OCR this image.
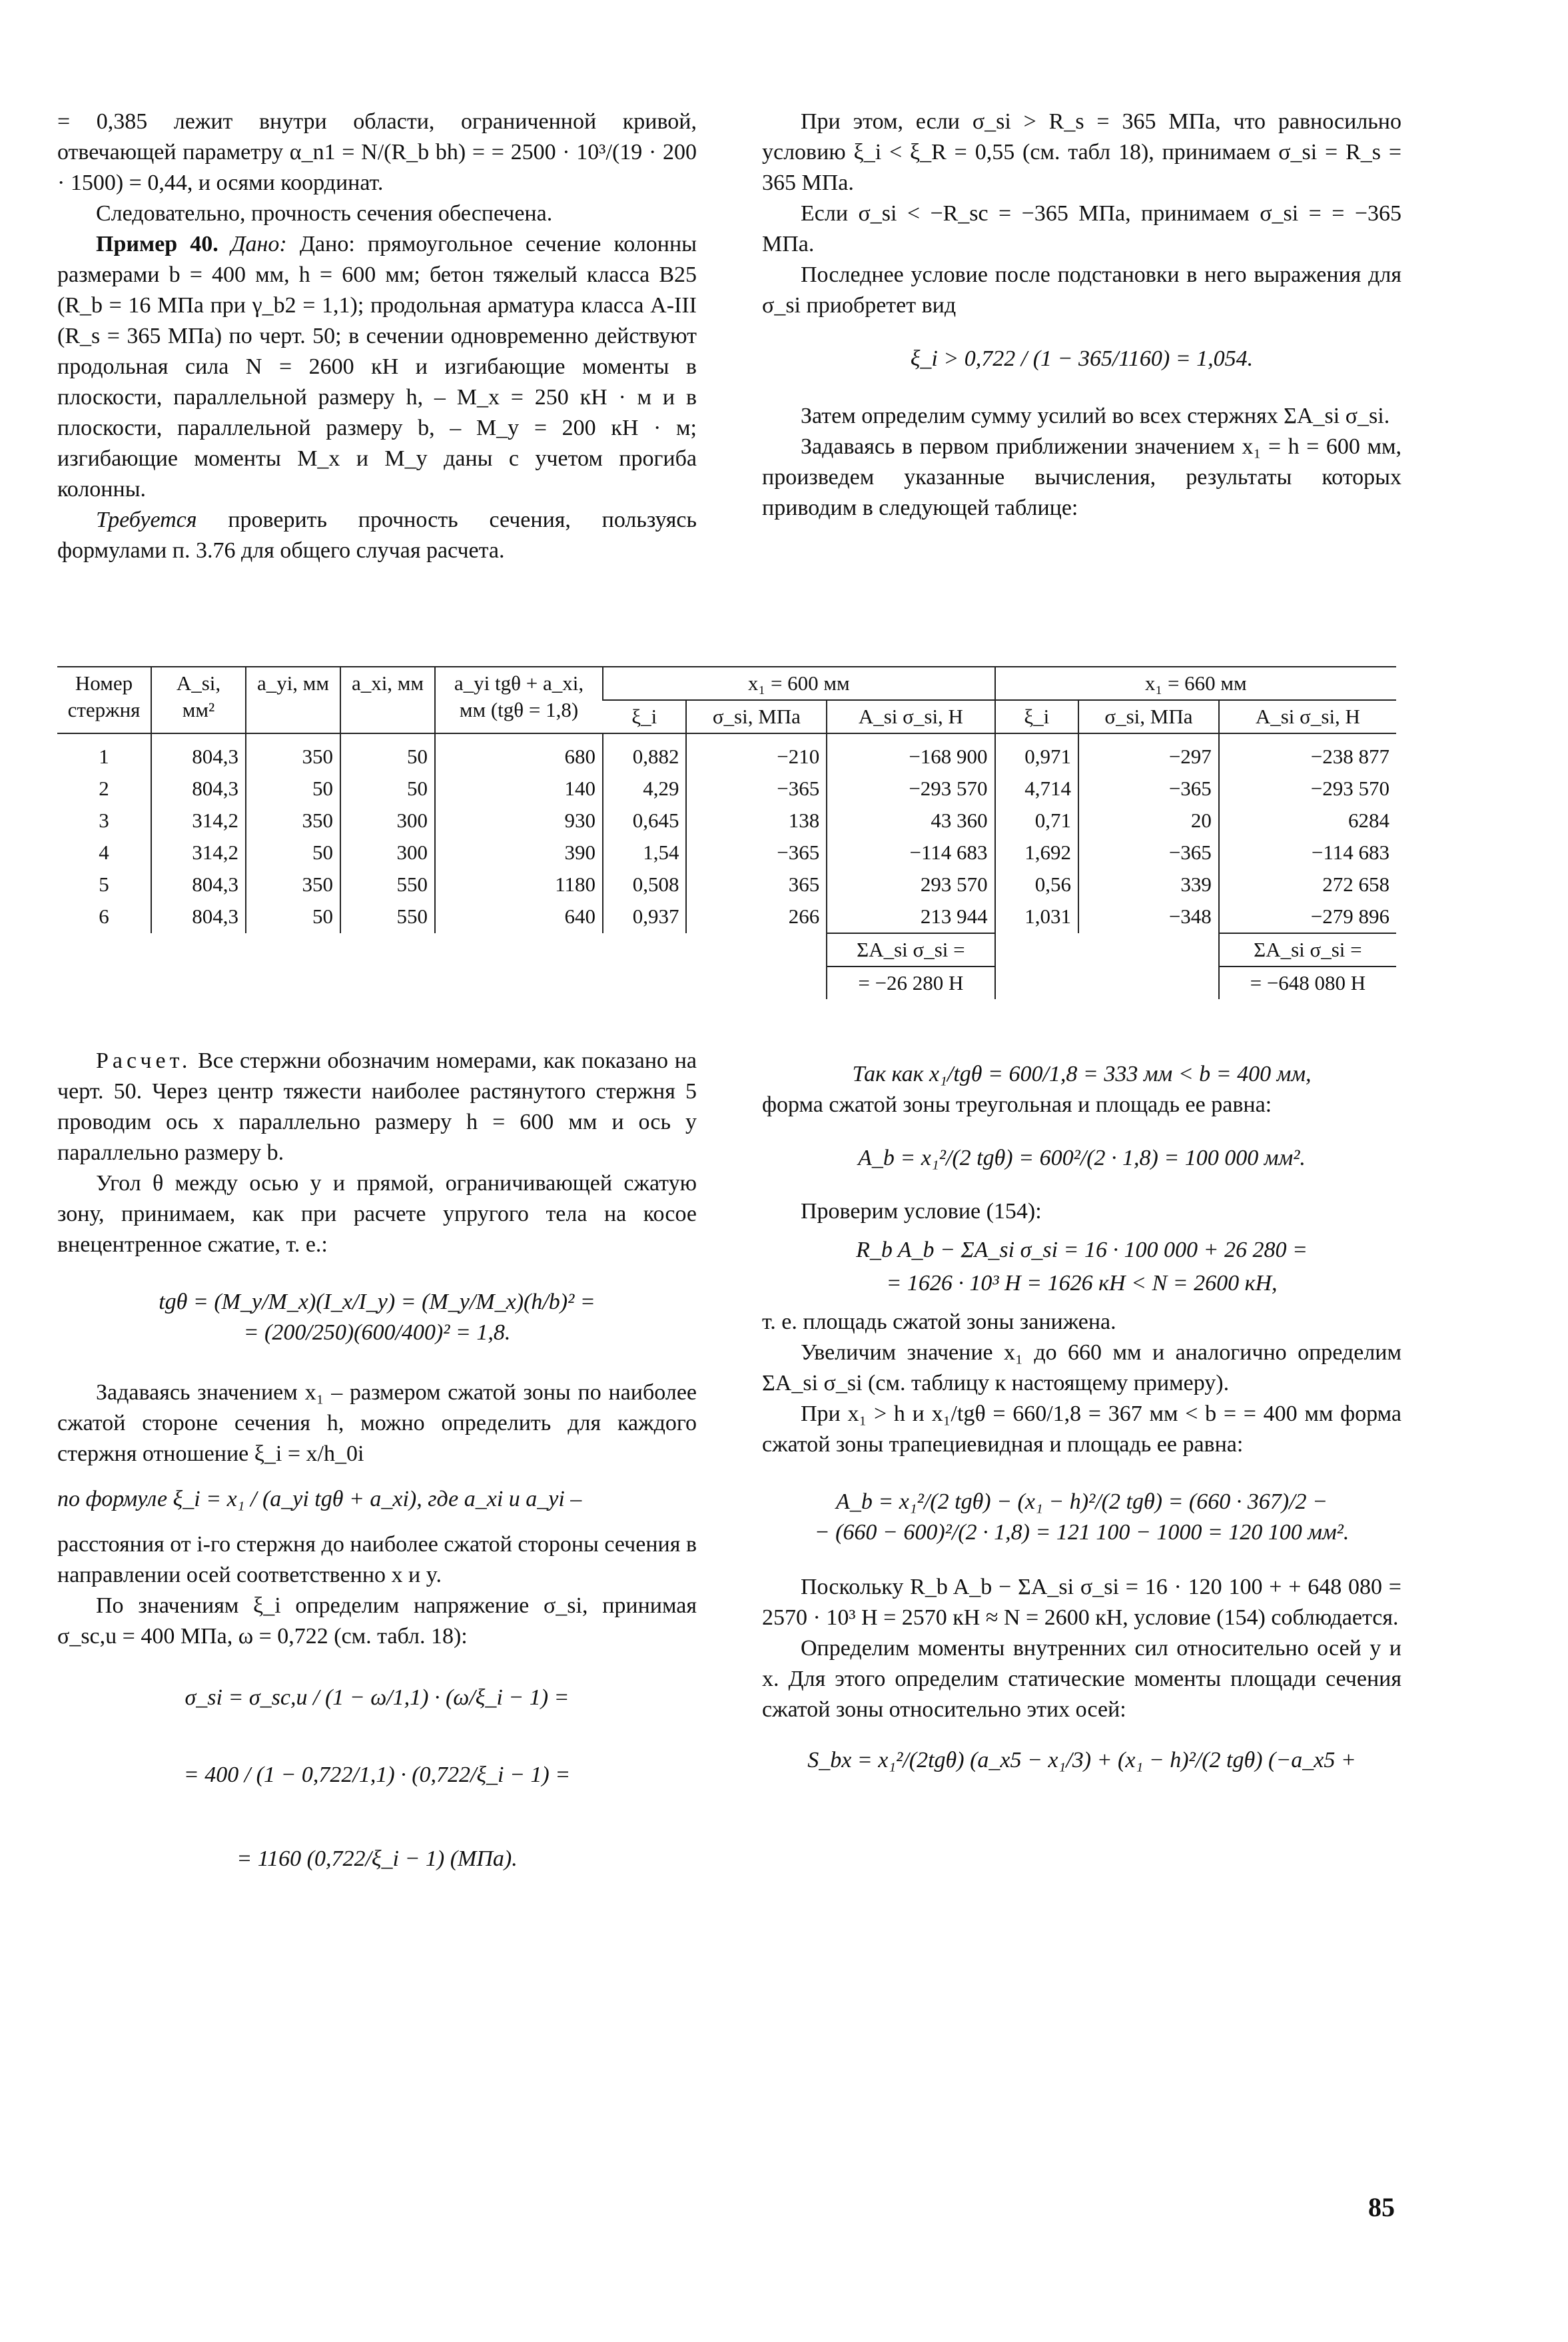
= 0,385 лежит внутри области, ограниченной кривой, отвечающей параметру α_n1 = N/(R_b bh) = = 2500 · 10³/(19 · 200 · 1500) = 0,44, и осями координат.

Следовательно, прочность сечения обеспечена.

Пример 40. Дано: Дано: прямоугольное сечение колонны размерами b = 400 мм, h = 600 мм; бетон тяжелый класса B25 (R_b = 16 МПа при γ_b2 = 1,1); продольная арматура класса A-III (R_s = 365 МПа) по черт. 50; в сечении одновременно действуют продольная сила N = 2600 кН и изгибающие моменты в плоскости, параллельной размеру h, – M_x = 250 кН · м и в плоскости, параллельной размеру b, – M_y = 200 кН · м; изгибающие моменты M_x и M_y даны с учетом прогиба колонны.

Требуется проверить прочность сечения, пользуясь формулами п. 3.76 для общего случая расчета.

При этом, если σ_si > R_s = 365 МПа, что равносильно условию ξ_i < ξ_R = 0,55 (см. табл 18), принимаем σ_si = R_s = 365 МПа.

Если σ_si < −R_sc = −365 МПа, принимаем σ_si = = −365 МПа.

Последнее условие после подстановки в него выражения для σ_si приобретет вид

ξ_i > 0,722 / (1 − 365/1160) = 1,054.

Затем определим сумму усилий во всех стержнях ΣA_si σ_si.

Задаваясь в первом приближении значением x₁ = h = 600 мм, произведем указанные вычисления, результаты которых приводим в следующей таблице:

Номер стержня	A_si, мм²	a_yi, мм	a_xi, мм	a_yi tgθ + a_xi, мм (tgθ = 1,8)	x₁ = 600 мм			x₁ = 660 мм		
					ξ_i	σ_si, МПа	A_si σ_si, Н	ξ_i	σ_si, МПа	A_si σ_si, Н
1	804,3	350	50	680	0,882	−210	−168 900	0,971	−297	−238 877
2	804,3	50	50	140	4,29	−365	−293 570	4,714	−365	−293 570
3	314,2	350	300	930	0,645	138	43 360	0,71	20	6284
4	314,2	50	300	390	1,54	−365	−114 683	1,692	−365	−114 683
5	804,3	350	550	1180	0,508	365	293 570	0,56	339	272 658
6	804,3	50	550	640	0,937	266	213 944	1,031	−348	−279 896
							ΣA_si σ_si =			ΣA_si σ_si =
							= −26 280 Н			= −648 080 Н

Расчет. Все стержни обозначим номерами, как показано на черт. 50. Через центр тяжести наиболее растянутого стержня 5 проводим ось x параллельно размеру h = 600 мм и ось y параллельно размеру b.

Угол θ между осью y и прямой, ограничивающей сжатую зону, принимаем, как при расчете упругого тела на косое внецентренное сжатие, т. е.:

tgθ = (M_y/M_x)(I_x/I_y) = (M_y/M_x)(h/b)² =

= (200/250)(600/400)² = 1,8.

Задаваясь значением x₁ – размером сжатой зоны по наиболее сжатой стороне сечения h, можно определить для каждого стержня отношение ξ_i = x/h_0i

по формуле ξ_i = x₁ / (a_yi tgθ + a_xi), где a_xi и a_yi –

расстояния от i-го стержня до наиболее сжатой стороны сечения в направлении осей соответственно x и y.

По значениям ξ_i определим напряжение σ_si, принимая σ_sc,u = 400 МПа, ω = 0,722 (см. табл. 18):

σ_si = σ_sc,u / (1 − ω/1,1) · (ω/ξ_i − 1) =

= 400 / (1 − 0,722/1,1) · (0,722/ξ_i − 1) =

= 1160 (0,722/ξ_i − 1) (МПа).

Так как x₁/tgθ = 600/1,8 = 333 мм < b = 400 мм,

форма сжатой зоны треугольная и площадь ее равна:

A_b = x₁²/(2 tgθ) = 600²/(2 · 1,8) = 100 000 мм².

Проверим условие (154):

R_b A_b − ΣA_si σ_si = 16 · 100 000 + 26 280 =

= 1626 · 10³ Н = 1626 кН < N = 2600 кН,

т. е. площадь сжатой зоны занижена.

Увеличим значение x₁ до 660 мм и аналогично определим ΣA_si σ_si (см. таблицу к настоящему примеру).

При x₁ > h и x₁/tgθ = 660/1,8 = 367 мм < b = = 400 мм форма сжатой зоны трапециевидная и площадь ее равна:

A_b = x₁²/(2 tgθ) − (x₁ − h)²/(2 tgθ) = (660 · 367)/2 −

− (660 − 600)²/(2 · 1,8) = 121 100 − 1000 = 120 100 мм².

Поскольку R_b A_b − ΣA_si σ_si = 16 · 120 100 + + 648 080 = 2570 · 10³ Н = 2570 кН ≈ N = 2600 кН, условие (154) соблюдается.

Определим моменты внутренних сил относительно осей y и x. Для этого определим статические моменты площади сечения сжатой зоны относительно этих осей:

S_bx = x₁²/(2tgθ) (a_x5 − x₁/3) + (x₁ − h)²/(2 tgθ) (−a_x5 +

85
